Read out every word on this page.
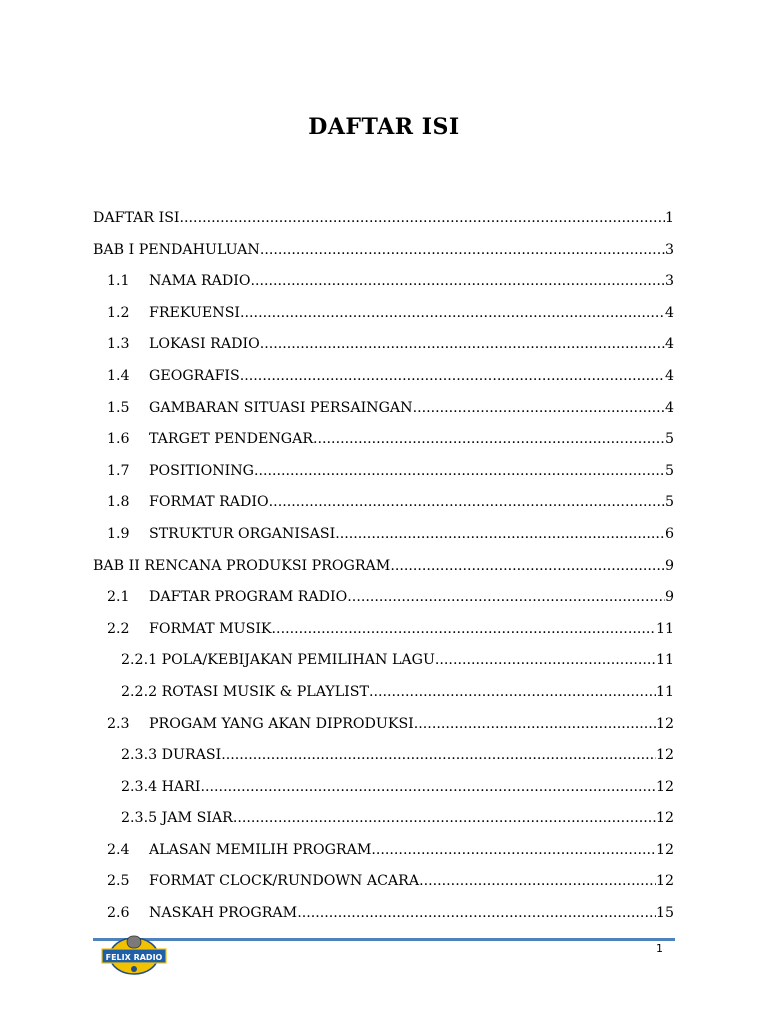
DAFTAR ISI
DAFTAR ISI .....	1
BAB I PENDAHULUAN .....	3
1.1	NAMA RADIO .....	3
1.2	FREKUENSI .....	4
1.3	LOKASI RADIO .....	4
1.4	GEOGRAFIS .....	4
1.5	GAMBARAN SITUASI PERSAINGAN .....	4
1.6	TARGET PENDENGAR .....	5
1.7	POSITIONING .....	5
1.8	FORMAT RADIO .....	5
1.9	STRUKTUR ORGANISASI .....	6
BAB II RENCANA PRODUKSI PROGRAM .....	9
2.1	DAFTAR PROGRAM RADIO .....	9
2.2	FORMAT MUSIK .....	11
2.2.1 POLA/KEBIJAKAN PEMILIHAN LAGU .....	11
2.2.2 ROTASI MUSIK & PLAYLIST .....	11
2.3	PROGAM YANG AKAN DIPRODUKSI .....	12
2.3.3 DURASI .....	12
2.3.4 HARI .....	12
2.3.5 JAM SIAR .....	12
2.4	ALASAN MEMILIH PROGRAM .....	12
2.5	FORMAT CLOCK/RUNDOWN ACARA .....	12
2.6	NASKAH PROGRAM .....	15
FELIX RADIO
1
